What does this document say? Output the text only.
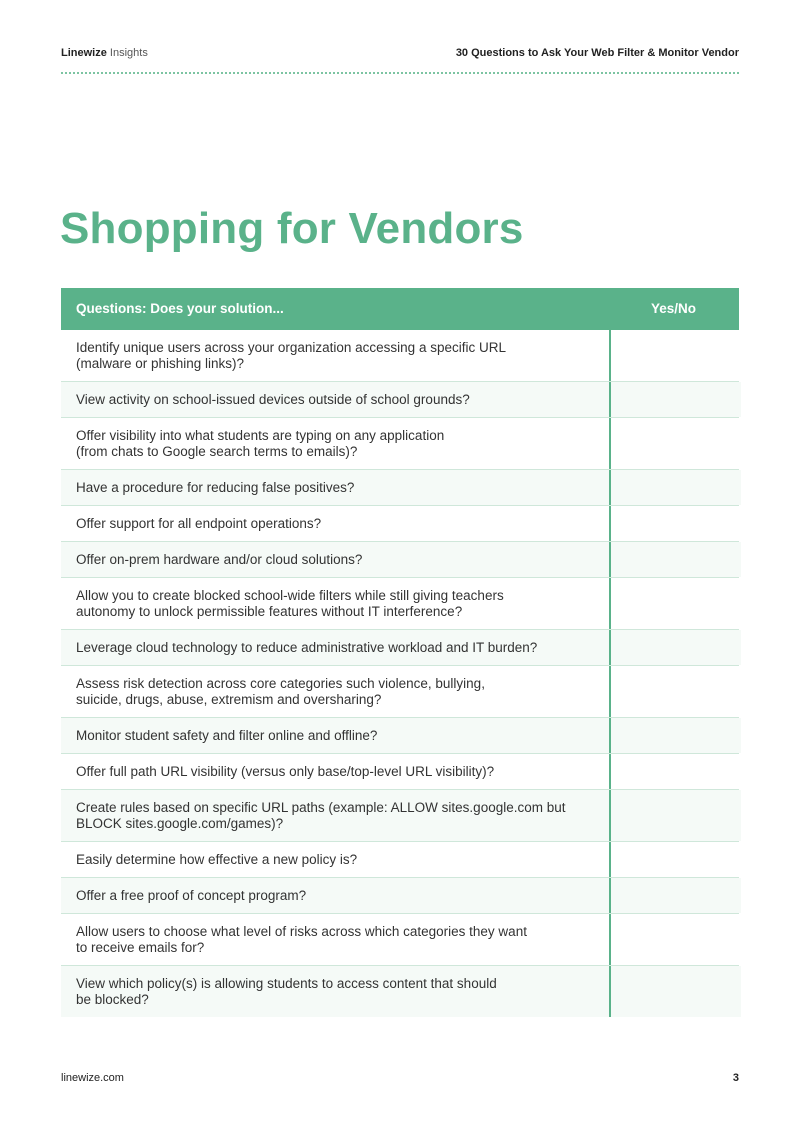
Linewize Insights	30 Questions to Ask Your Web Filter & Monitor Vendor
Shopping for Vendors
Questions: Does your solution...	Yes/No
Identify unique users across your organization accessing a specific URL
(malware or phishing links)?
View activity on school-issued devices outside of school grounds?
Offer visibility into what students are typing on any application
(from chats to Google search terms to emails)?
Have a procedure for reducing false positives?
Offer support for all endpoint operations?
Offer on-prem hardware and/or cloud solutions?
Allow you to create blocked school-wide filters while still giving teachers
autonomy to unlock permissible features without IT interference?
Leverage cloud technology to reduce administrative workload and IT burden?
Assess risk detection across core categories such violence, bullying,
suicide, drugs, abuse, extremism and oversharing?
Monitor student safety and filter online and offline?
Offer full path URL visibility (versus only base/top-level URL visibility)?
Create rules based on specific URL paths (example: ALLOW sites.google.com but
BLOCK sites.google.com/games)?
Easily determine how effective a new policy is?
Offer a free proof of concept program?
Allow users to choose what level of risks across which categories they want
to receive emails for?
View which policy(s) is allowing students to access content that should
be blocked?
linewize.com	3
